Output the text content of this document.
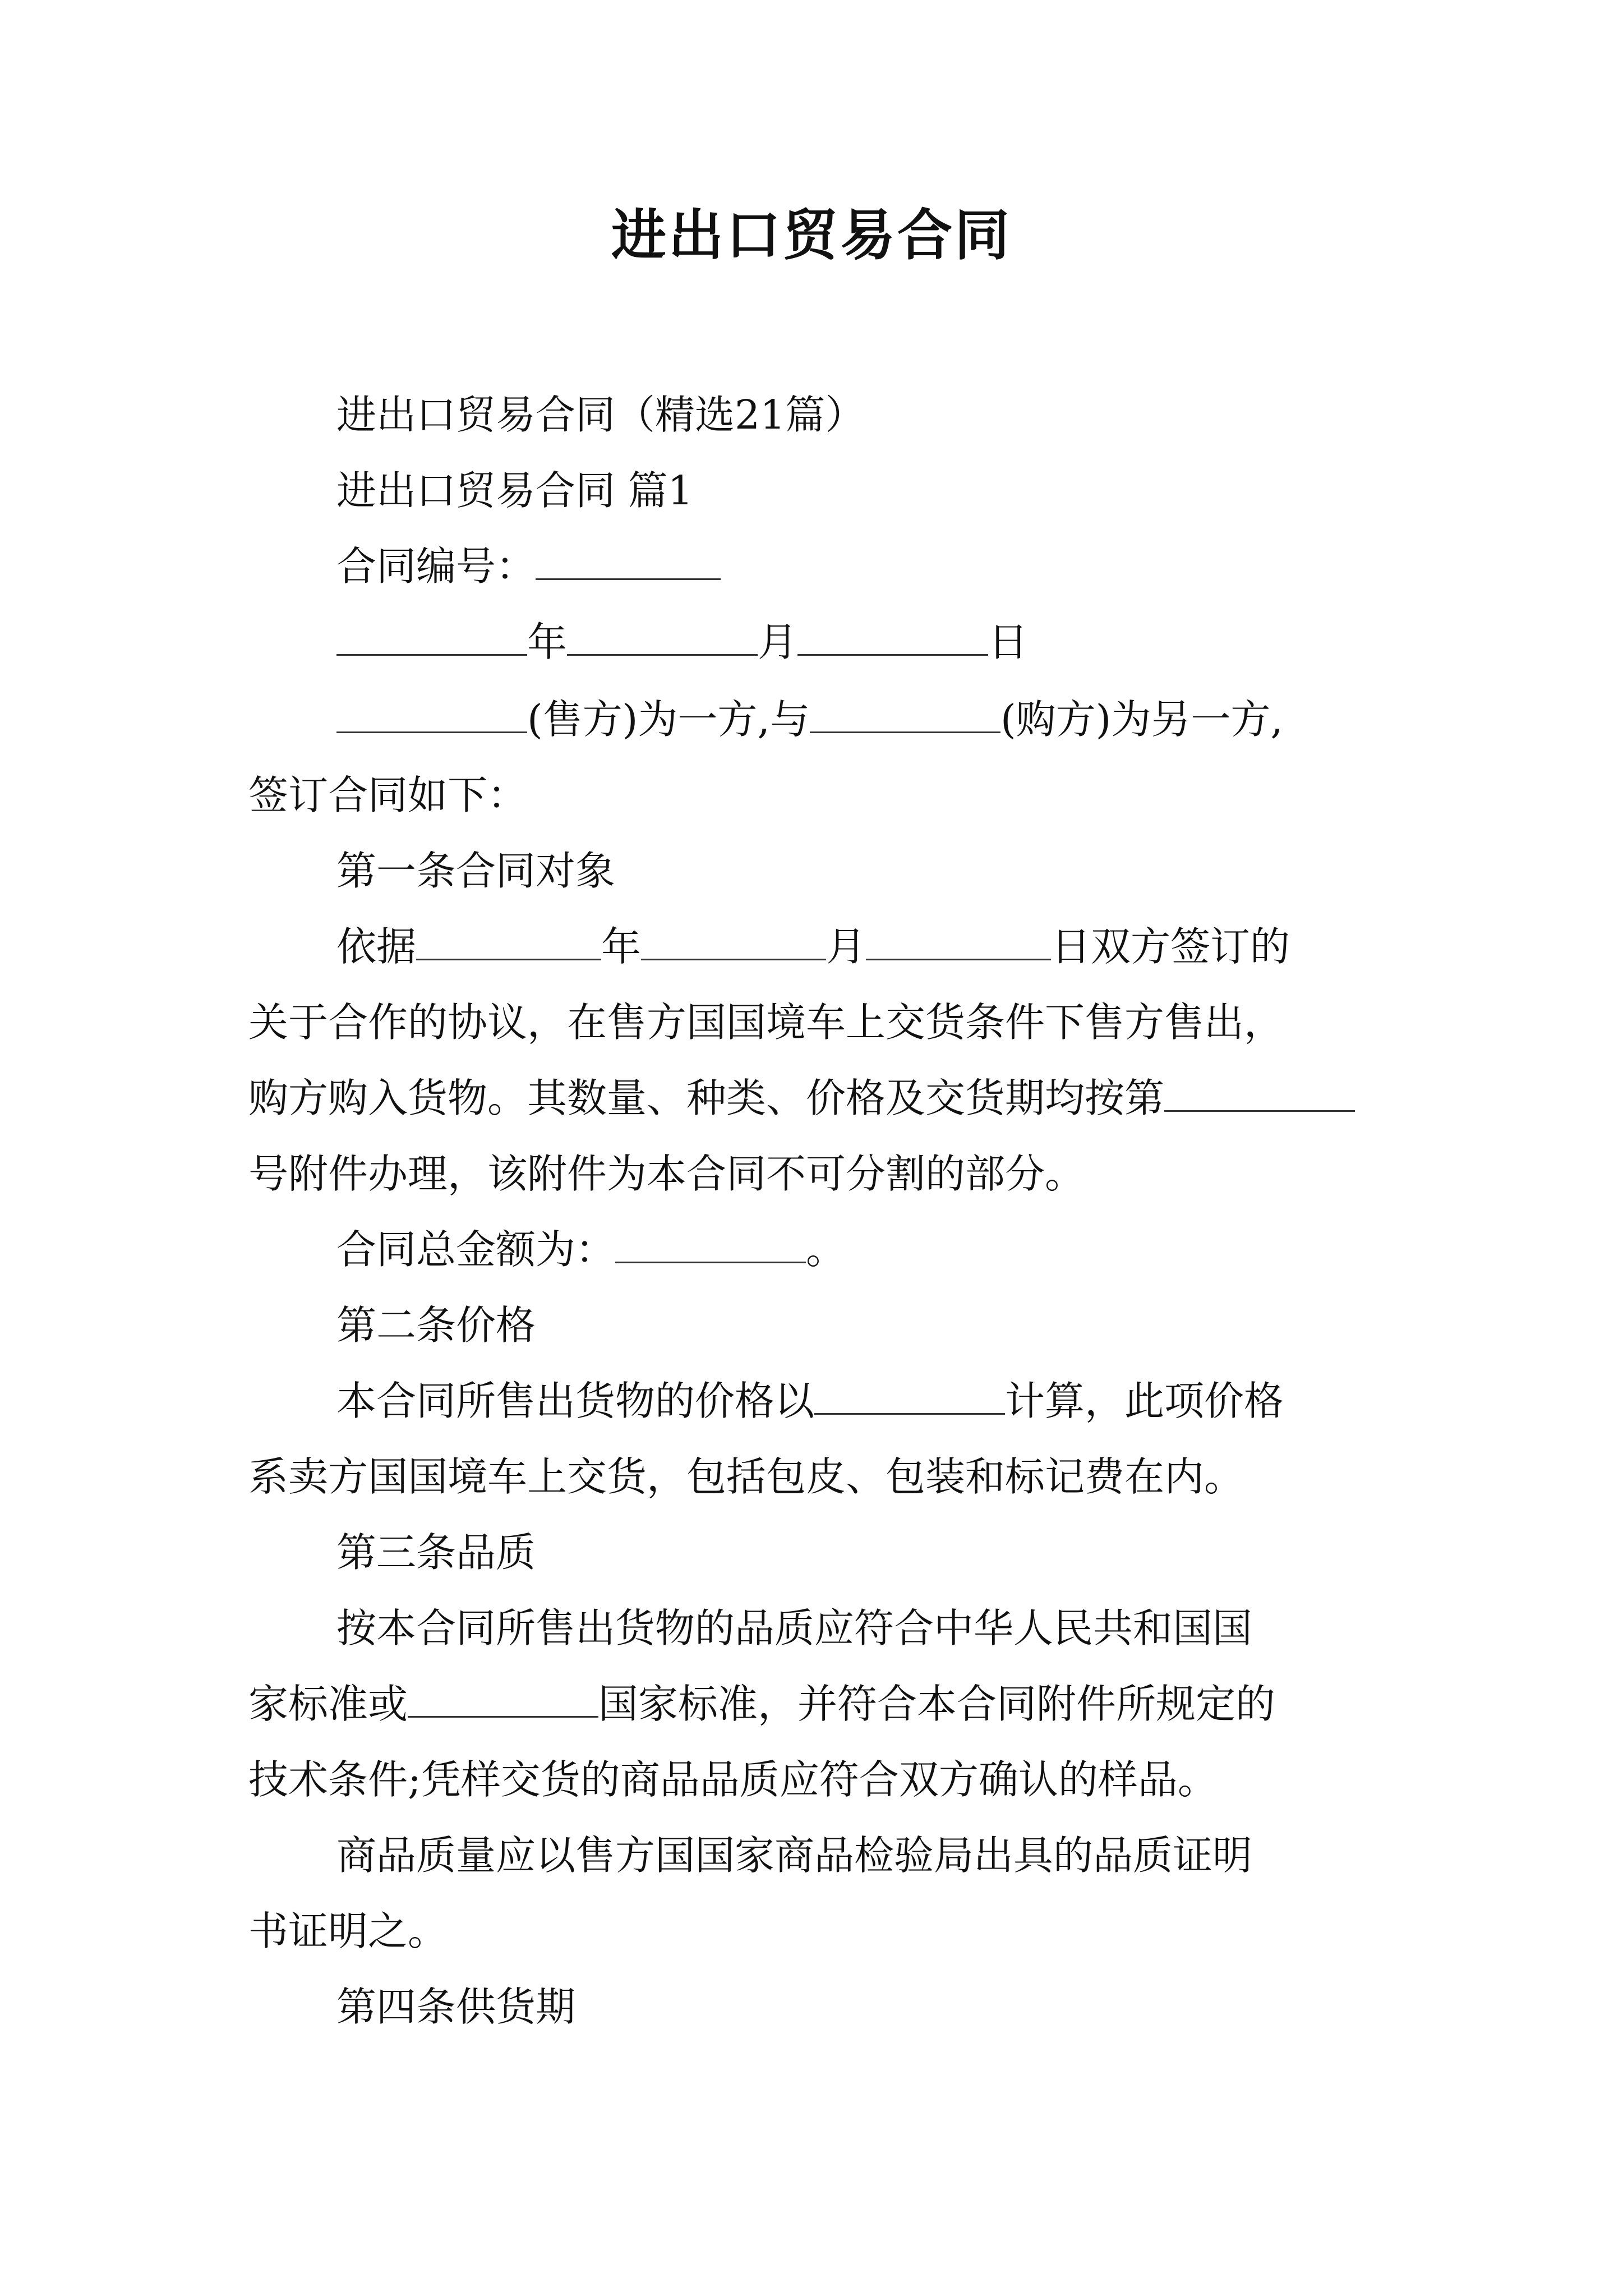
进出口贸易合同
进出口贸易合同（精选21篇）
进出口贸易合同 篇1
合同编号：
年	月	日
(售方)为一方,与	(购方)为另一方,
签订合同如下：
第一条合同对象
依据	年	月	日双方签订的
关于合作的协议，在售方国国境车上交货条件下售方售出，
购方购入货物。其数量、种类、价格及交货期均按第
号附件办理，该附件为本合同不可分割的部分。
合同总金额为：	。
第二条价格
本合同所售出货物的价格以	计算，此项价格
系卖方国国境车上交货，包括包皮、包装和标记费在内。
第三条品质
按本合同所售出货物的品质应符合中华人民共和国国
家标准或	国家标准，并符合本合同附件所规定的
技术条件;凭样交货的商品品质应符合双方确认的样品。
商品质量应以售方国国家商品检验局出具的品质证明
书证明之。
第四条供货期
